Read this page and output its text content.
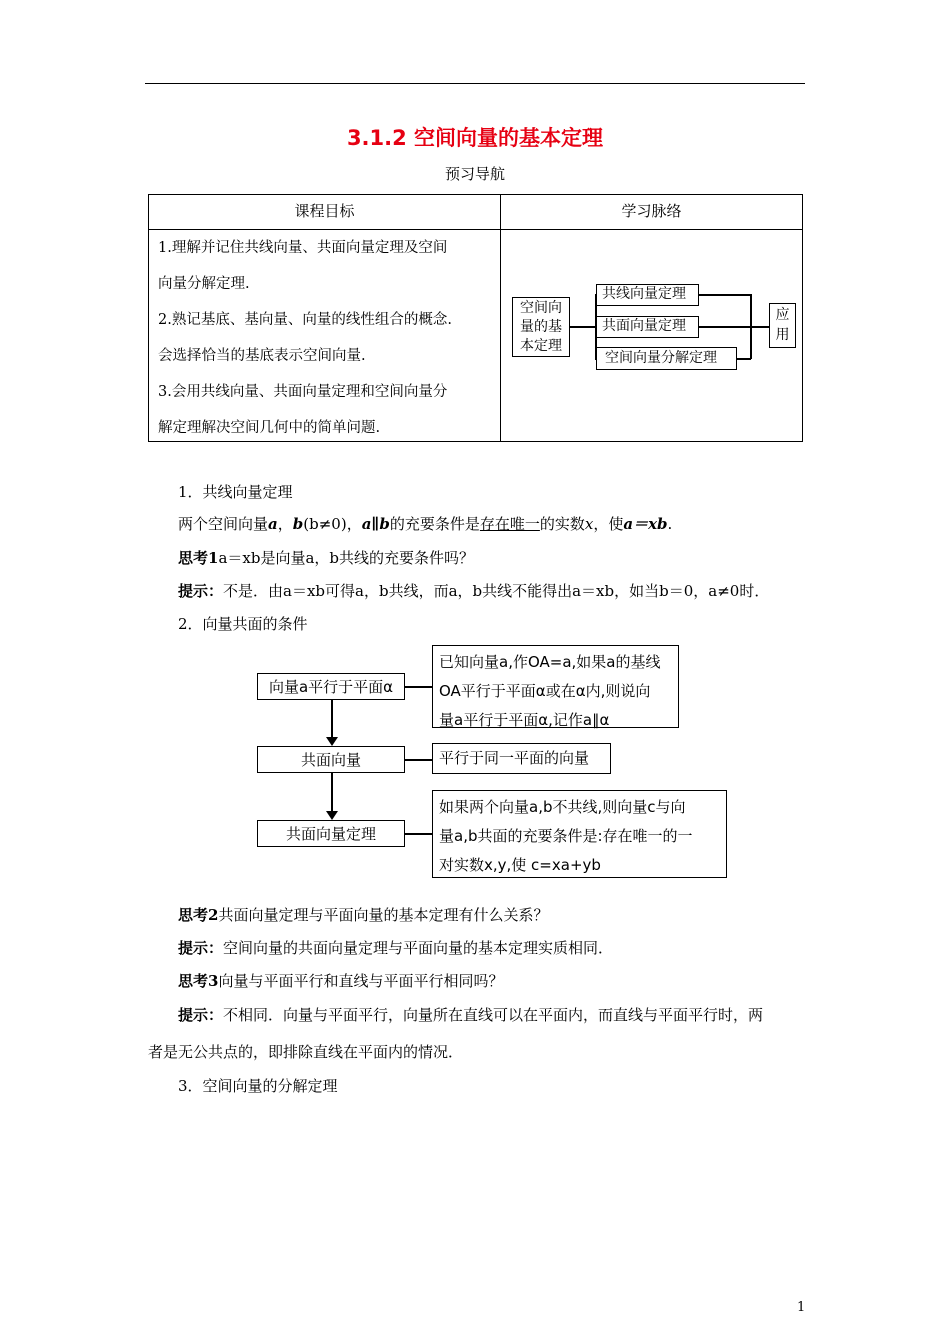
3.1.2 空间向量的基本定理
预习导航
课程目标	学习脉络
1.理解并记住共线向量、共面向量定理及空间
向量分解定理.
2.熟记基底、基向量、向量的线性组合的概念.
会选择恰当的基底表示空间向量.
3.会用共线向量、共面向量定理和空间向量分
解定理解决空间几何中的简单问题.
空间向
量的基
本定理
共线向量定理
共面向量定理
空间向量分解定理
应
用
1．共线向量定理
两个空间向量a，b(b≠0)，a∥b的充要条件是存在唯一的实数x，使a＝xb.
思考1a＝xb是向量a，b共线的充要条件吗？
提示：不是．由a＝xb可得a，b共线，而a，b共线不能得出a＝xb，如当b＝0，a≠0时．
2．向量共面的条件
向量a平行于平面α
共面向量
共面向量定理
已知向量a,作OA=a,如果a的基线
OA平行于平面α或在α内,则说向
量a平行于平面α,记作a∥α
平行于同一平面的向量
如果两个向量a,b不共线,则向量c与向
量a,b共面的充要条件是:存在唯一的一
对实数x,y,使 c=xa+yb
思考2共面向量定理与平面向量的基本定理有什么关系？
提示：空间向量的共面向量定理与平面向量的基本定理实质相同．
思考3向量与平面平行和直线与平面平行相同吗？
提示：不相同．向量与平面平行，向量所在直线可以在平面内，而直线与平面平行时，两
者是无公共点的，即排除直线在平面内的情况．
3．空间向量的分解定理
1
